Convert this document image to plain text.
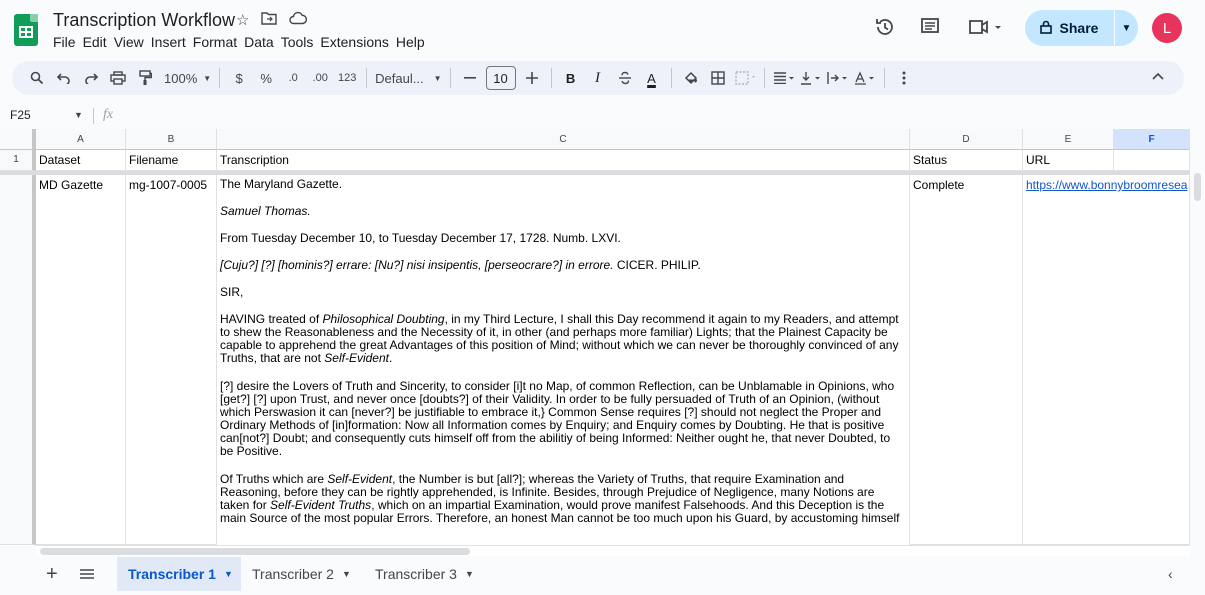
Transcription Workflow ☆
File Edit View Insert Format Data Tools Extensions Help
Share ▼	L
100% ▼	$	%	.0	.00 123 Defaul... ▼	10	B	I	A
F25	▼ fx
A	B	C	D	E	F
1	Dataset	Filename	Transcription	Status	URL
MD Gazette	mg-1007-0005	The Maryland Gazette.

Samuel Thomas.

From Tuesday December 10, to Tuesday December 17, 1728. Numb. LXVI.

[Cuju?] [?] [hominis?] errare: [Nu?] nisi insipentis, [perseocrare?] in errore. CICER. PHILIP.

SIR,

HAVING treated of Philosophical Doubting, in my Third Lecture, I shall this Day recommend it again to my Readers, and attempt to shew the Reasonableness and the Necessity of it, in other (and perhaps more familiar) Lights; that the Plainest Capacity be capable to apprehend the great Advantages of this position of Mind; without which we can never be thoroughly convinced of any Truths, that are not Self-Evident.

[?] desire the Lovers of Truth and Sincerity, to consider [i]t no Map, of common Reflection, can be Unblamable in Opinions, who [get?] [?] upon Trust, and never once [doubts?] of their Validity. In order to be fully persuaded of Truth of an Opinion, (without which Perswasion it can [never?] be justifiable to embrace it,} Common Sense requires [?] should not neglect the Proper and Ordinary Methods of [in]formation: Now all Information comes by Enquiry; and Enquiry comes by Doubting. He that is positive can[not?] Doubt; and consequently cuts himself off from the abilitiy of being Informed: Neither ought he, that never Doubted, to be Positive.

Of Truths which are Self-Evident, the Number is but [all?]; whereas the Variety of Truths, that require Examination and Reasoning, before they can be rightly apprehended, is Infinite. Besides, through Prejudice of Negligence, many Notions are taken for Self-Evident Truths, which on an impartial Examination, would prove manifest Falsehoods. And this Deception is the main Source of the most popular Errors. Therefore, an honest Man cannot be too much upon his Guard, by accustoming himself

Complete	https://www.bonnybroomresea
+	Transcriber 1 ▼ Transcriber 2 ▼ Transcriber 3 ▼	‹
